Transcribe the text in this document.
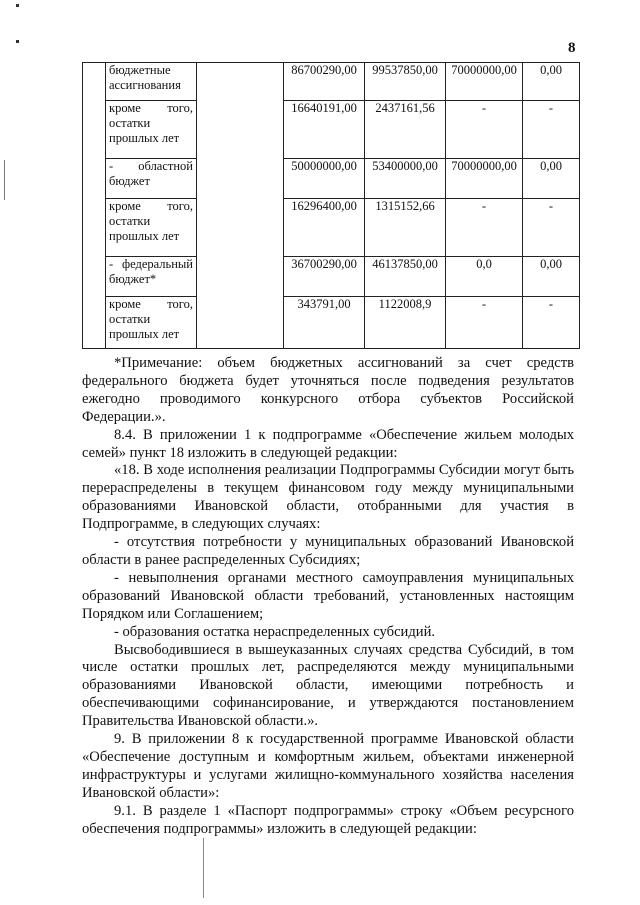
8

	бюджетные ассигнования		86700290,00	99537850,00	70000000,00	0,00

	кроме того, остатки прошлых лет		16640191,00	2437161,56	-	-

	- областной бюджет		50000000,00	53400000,00	70000000,00	0,00

	кроме того, остатки прошлых лет		16296400,00	1315152,66	-	-

	- федеральный бюджет*		36700290,00	46137850,00	0,0	0,00

	кроме того, остатки прошлых лет		343791,00	1122008,9	-	-

*Примечание: объем бюджетных ассигнований за счет средств федерального бюджета будет уточняться после подведения результатов ежегодно проводимого конкурсного отбора субъектов Российской Федерации.».

8.4. В приложении 1 к подпрограмме «Обеспечение жильем молодых семей» пункт 18 изложить в следующей редакции:

«18. В ходе исполнения реализации Подпрограммы Субсидии могут быть перераспределены в текущем финансовом году между муниципальными образованиями Ивановской области, отобранными для участия в Подпрограмме, в следующих случаях:

- отсутствия потребности у муниципальных образований Ивановской области в ранее распределенных Субсидиях;

- невыполнения органами местного самоуправления муниципальных образований Ивановской области требований, установленных настоящим Порядком или Соглашением;

- образования остатка нераспределенных субсидий.

Высвободившиеся в вышеуказанных случаях средства Субсидий, в том числе остатки прошлых лет, распределяются между муниципальными образованиями Ивановской области, имеющими потребность и обеспечивающими софинансирование, и утверждаются постановлением Правительства Ивановской области.».

9. В приложении 8 к государственной программе Ивановской области «Обеспечение доступным и комфортным жильем, объектами инженерной инфраструктуры и услугами жилищно-коммунального хозяйства населения Ивановской области»:

9.1. В разделе 1 «Паспорт подпрограммы» строку «Объем ресурсного обеспечения подпрограммы» изложить в следующей редакции:
